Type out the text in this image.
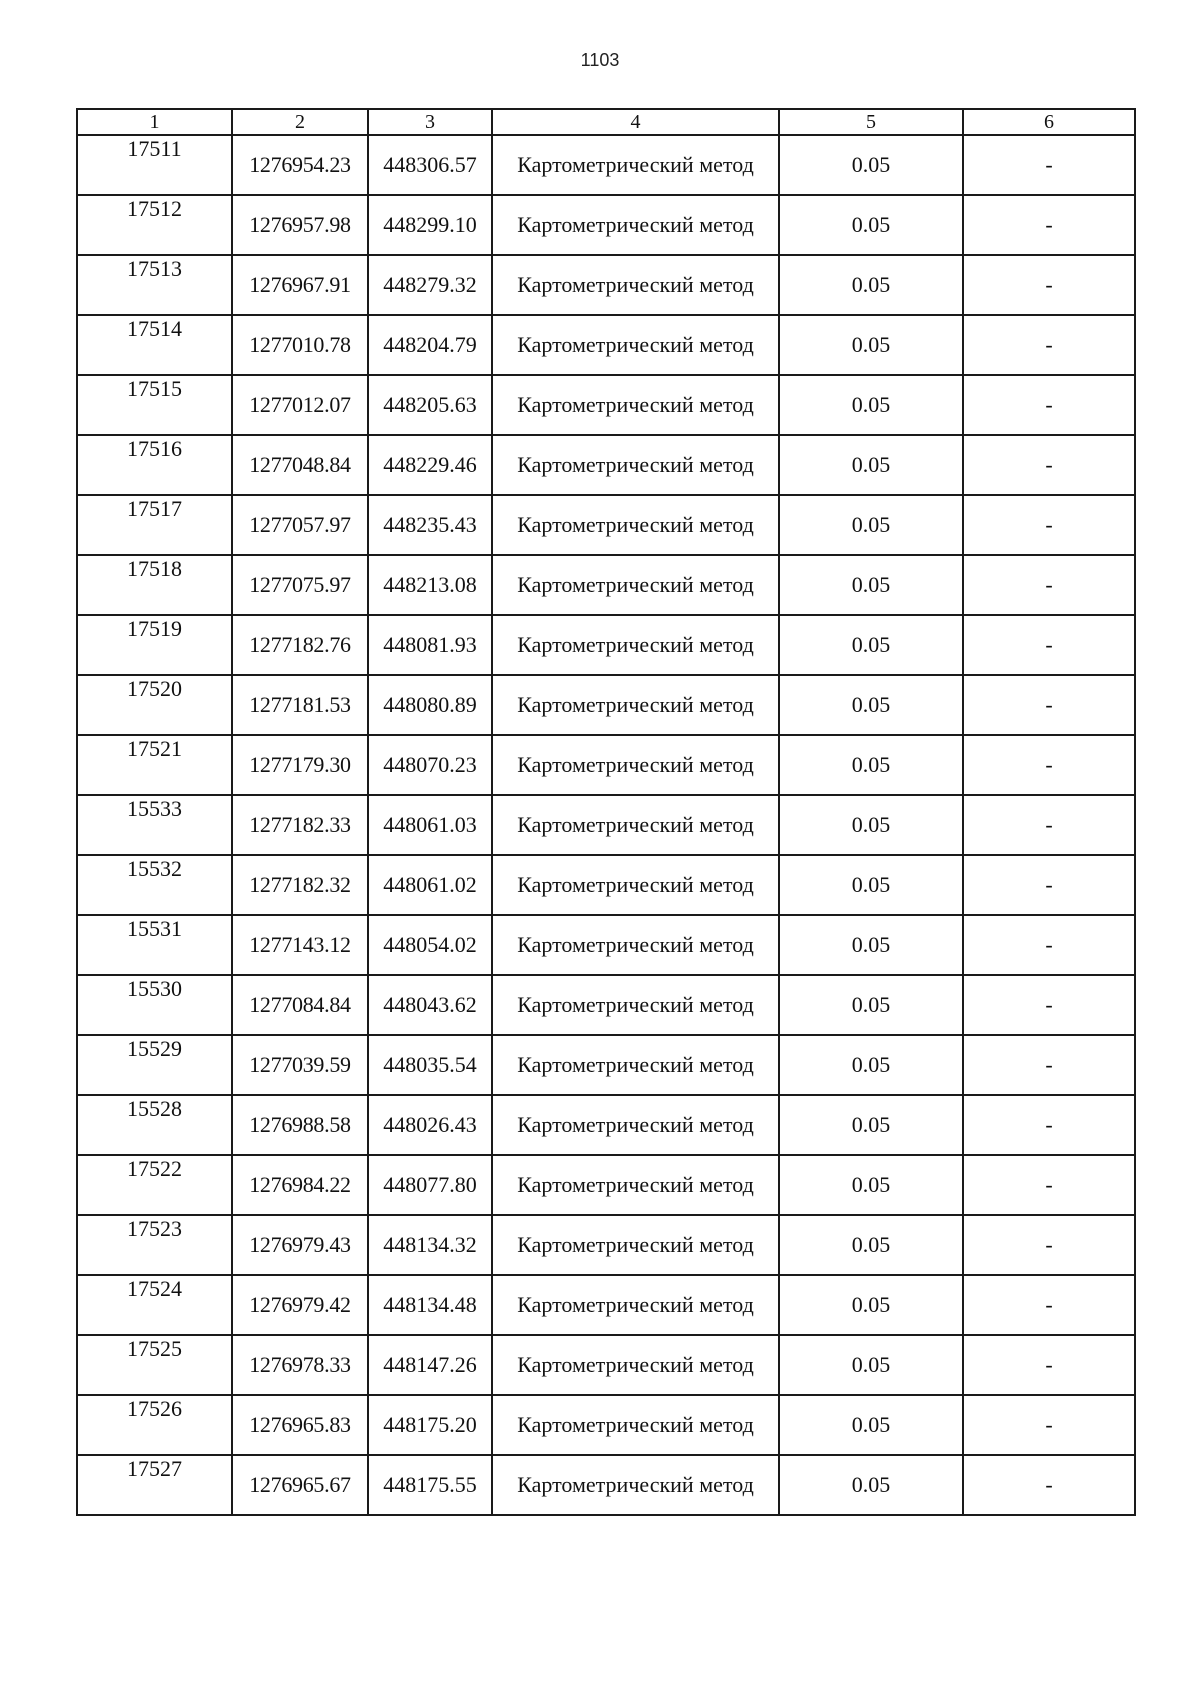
1103
1	2	3	4	5	6
17511	1276954.23	448306.57	Картометрический метод	0.05	-
17512	1276957.98	448299.10	Картометрический метод	0.05	-
17513	1276967.91	448279.32	Картометрический метод	0.05	-
17514	1277010.78	448204.79	Картометрический метод	0.05	-
17515	1277012.07	448205.63	Картометрический метод	0.05	-
17516	1277048.84	448229.46	Картометрический метод	0.05	-
17517	1277057.97	448235.43	Картометрический метод	0.05	-
17518	1277075.97	448213.08	Картометрический метод	0.05	-
17519	1277182.76	448081.93	Картометрический метод	0.05	-
17520	1277181.53	448080.89	Картометрический метод	0.05	-
17521	1277179.30	448070.23	Картометрический метод	0.05	-
15533	1277182.33	448061.03	Картометрический метод	0.05	-
15532	1277182.32	448061.02	Картометрический метод	0.05	-
15531	1277143.12	448054.02	Картометрический метод	0.05	-
15530	1277084.84	448043.62	Картометрический метод	0.05	-
15529	1277039.59	448035.54	Картометрический метод	0.05	-
15528	1276988.58	448026.43	Картометрический метод	0.05	-
17522	1276984.22	448077.80	Картометрический метод	0.05	-
17523	1276979.43	448134.32	Картометрический метод	0.05	-
17524	1276979.42	448134.48	Картометрический метод	0.05	-
17525	1276978.33	448147.26	Картометрический метод	0.05	-
17526	1276965.83	448175.20	Картометрический метод	0.05	-
17527	1276965.67	448175.55	Картометрический метод	0.05	-
